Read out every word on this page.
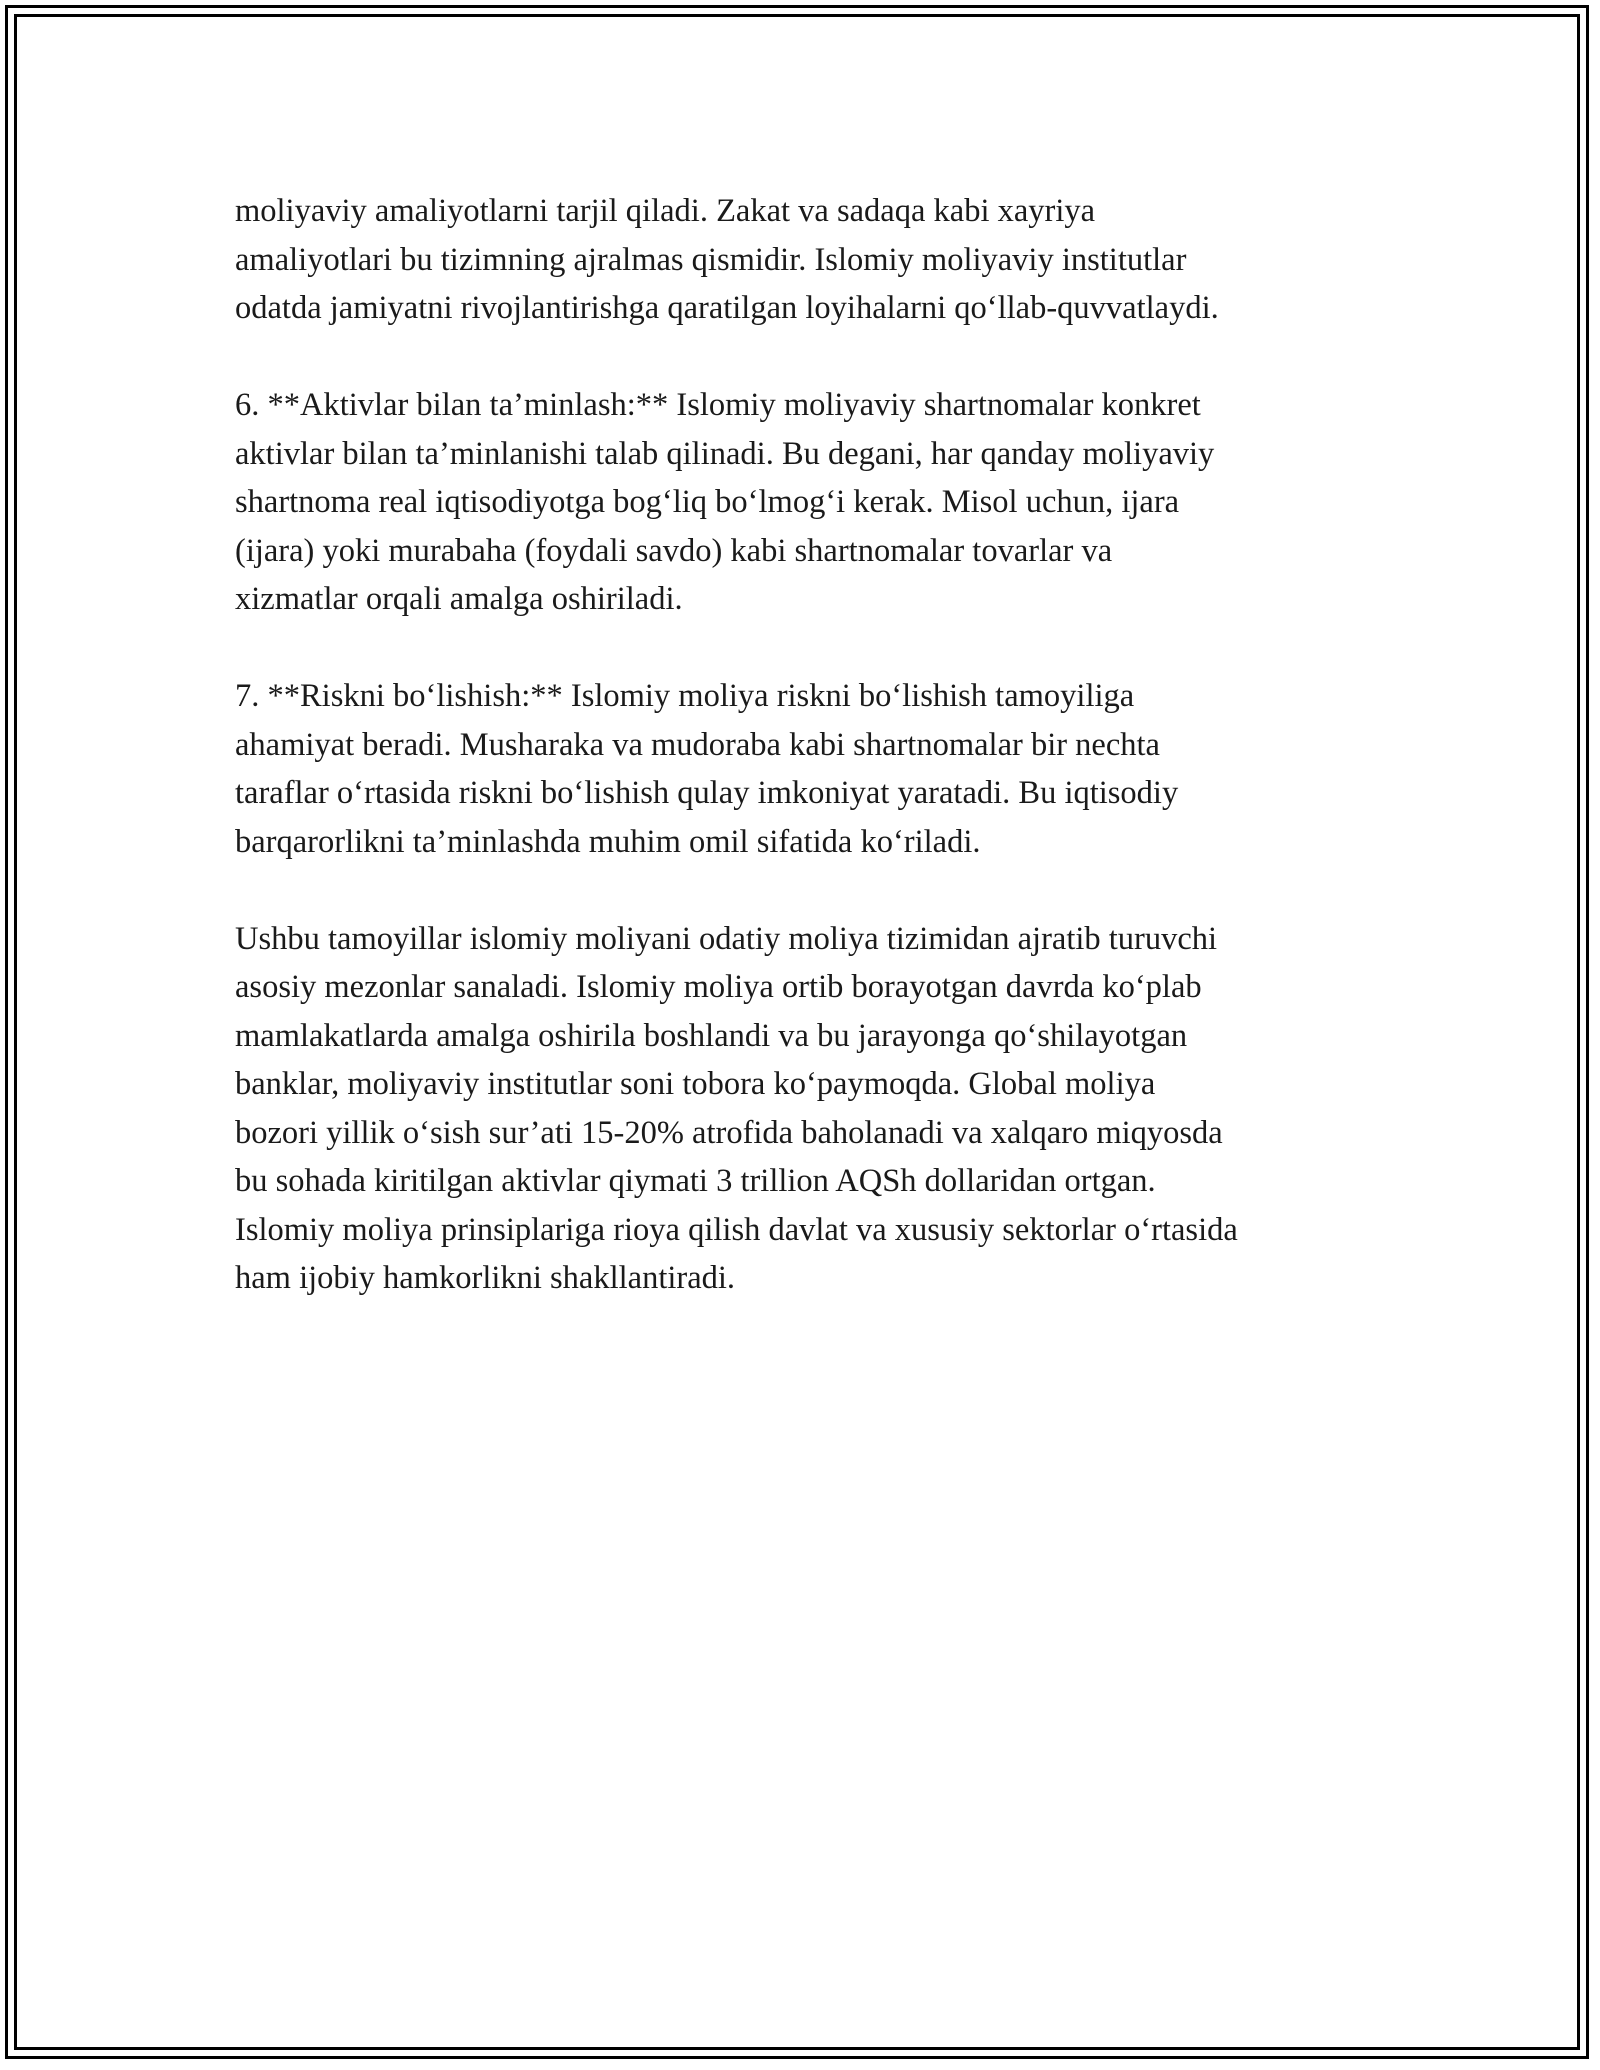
moliyaviy amaliyotlarni tarjil qiladi. Zakat va sadaqa kabi xayriya
amaliyotlari bu tizimning ajralmas qismidir. Islomiy moliyaviy institutlar
odatda jamiyatni rivojlantirishga qaratilgan loyihalarni qo‘llab-quvvatlaydi.

6. **Aktivlar bilan ta’minlash:** Islomiy moliyaviy shartnomalar konkret
aktivlar bilan ta’minlanishi talab qilinadi. Bu degani, har qanday moliyaviy
shartnoma real iqtisodiyotga bog‘liq bo‘lmog‘i kerak. Misol uchun, ijara
(ijara) yoki murabaha (foydali savdo) kabi shartnomalar tovarlar va
xizmatlar orqali amalga oshiriladi.

7. **Riskni bo‘lishish:** Islomiy moliya riskni bo‘lishish tamoyiliga
ahamiyat beradi. Musharaka va mudoraba kabi shartnomalar bir nechta
taraflar o‘rtasida riskni bo‘lishish qulay imkoniyat yaratadi. Bu iqtisodiy
barqarorlikni ta’minlashda muhim omil sifatida ko‘riladi.

Ushbu tamoyillar islomiy moliyani odatiy moliya tizimidan ajratib turuvchi
asosiy mezonlar sanaladi. Islomiy moliya ortib borayotgan davrda ko‘plab
mamlakatlarda amalga oshirila boshlandi va bu jarayonga qo‘shilayotgan
banklar, moliyaviy institutlar soni tobora ko‘paymoqda. Global moliya
bozori yillik o‘sish sur’ati 15-20% atrofida baholanadi va xalqaro miqyosda
bu sohada kiritilgan aktivlar qiymati 3 trillion AQSh dollaridan ortgan.
Islomiy moliya prinsiplariga rioya qilish davlat va xususiy sektorlar o‘rtasida
ham ijobiy hamkorlikni shakllantiradi.
